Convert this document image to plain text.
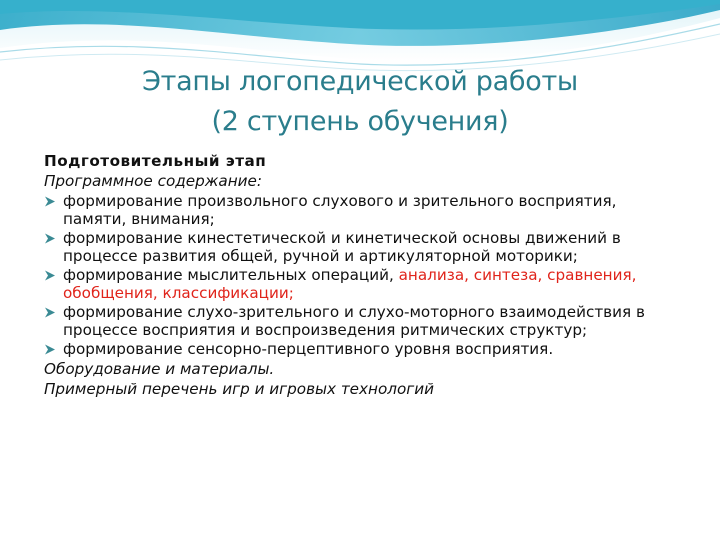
Этапы логопедической работы
(2 ступень обучения)
Подготовительный этап
Программное содержание:
формирование произвольного слухового и зрительного восприятия, памяти, внимания;
формирование кинестетической и кинетической основы движений в процессе развития общей, ручной и артикуляторной моторики;
формирование мыслительных операций, анализа, синтеза, сравнения, обобщения, классификации;
формирование слухо-зрительного и слухо-моторного взаимодействия в процессе восприятия и воспроизведения ритмических структур;
формирование сенсорно-перцептивного уровня восприятия.
Оборудование и материалы.
Примерный перечень игр и игровых технологий
